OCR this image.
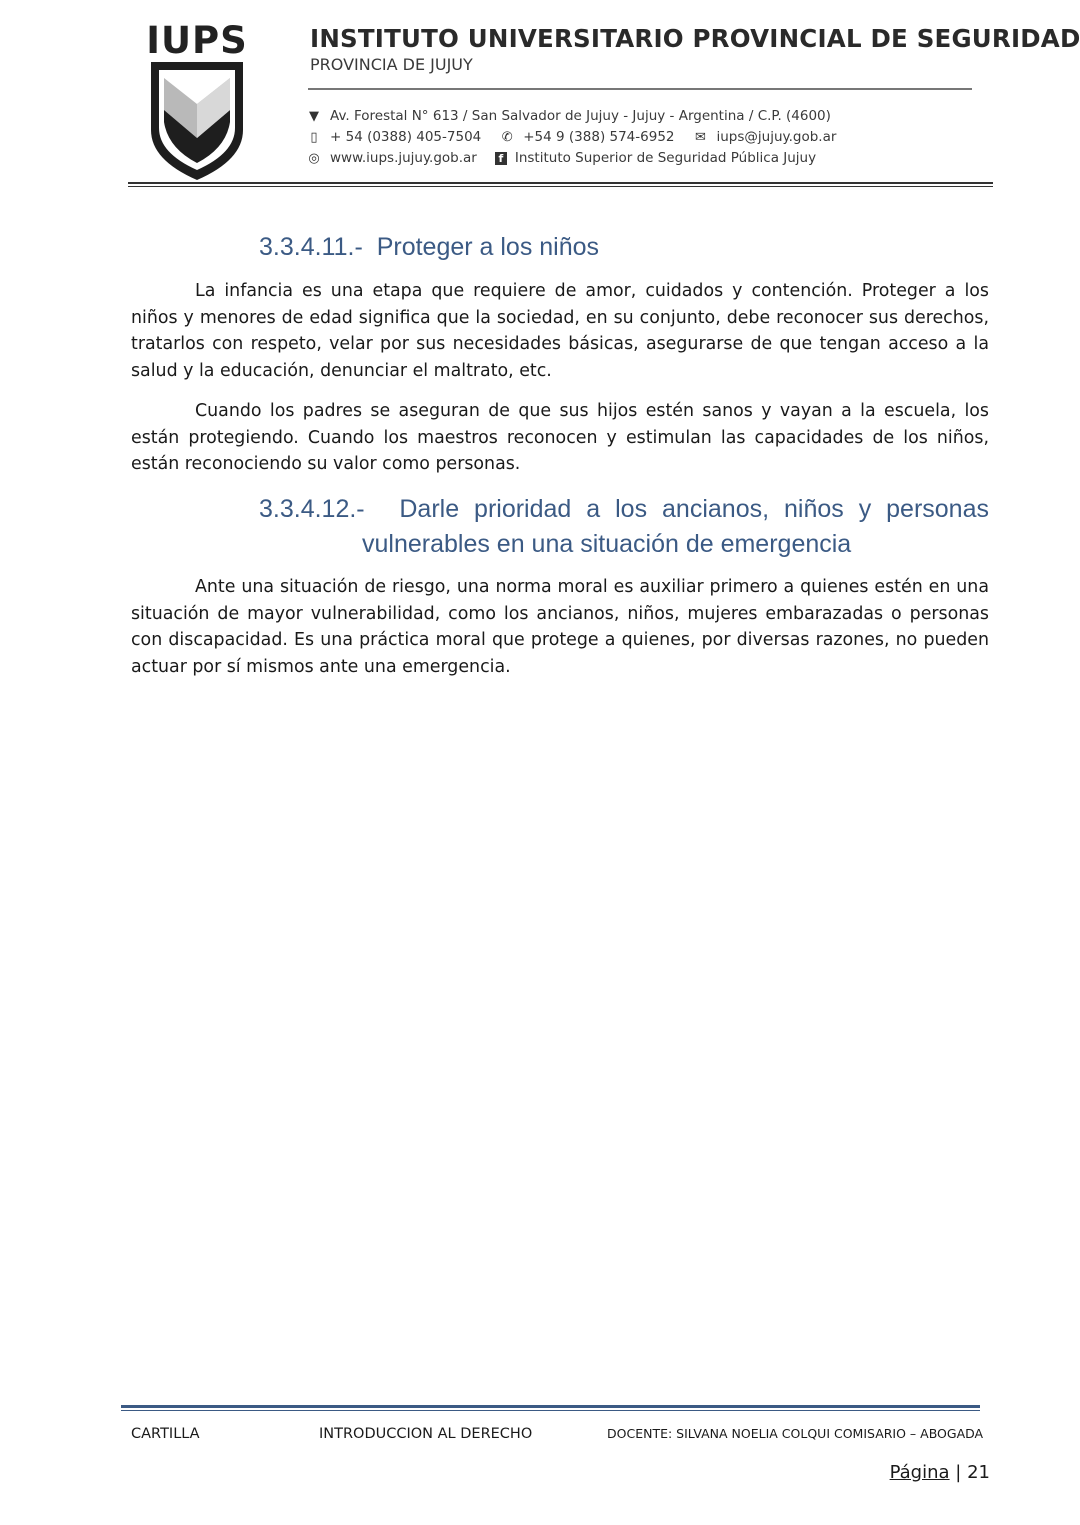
IUPS	INSTITUTO UNIVERSITARIO PROVINCIAL DE SEGURIDAD
PROVINCIA DE JUJUY
▼ Av. Forestal N° 613 / San Salvador de Jujuy - Jujuy - Argentina / C.P. (4600)
▯ + 54 (0388) 405-7504 ✆ +54 9 (388) 574-6952 ✉ iups@jujuy.gob.ar
◎ www.iups.jujuy.gob.ar	f Instituto Superior de Seguridad Pública Jujuy
3.3.4.11.- Proteger a los niños

La infancia es una etapa que requiere de amor, cuidados y contención. Proteger a los niños y menores de edad significa que la sociedad, en su conjunto, debe reconocer sus derechos, tratarlos con respeto, velar por sus necesidades básicas, asegurarse de que tengan acceso a la salud y la educación, denunciar el maltrato, etc.

Cuando los padres se aseguran de que sus hijos estén sanos y vayan a la escuela, los están protegiendo. Cuando los maestros reconocen y estimulan las capacidades de los niños, están reconociendo su valor como personas.

3.3.4.12.- Darle prioridad a los ancianos, niños y personas
vulnerables en una situación de emergencia

Ante una situación de riesgo, una norma moral es auxiliar primero a quienes estén en una situación de mayor vulnerabilidad, como los ancianos, niños, mujeres embarazadas o personas con discapacidad. Es una práctica moral que protege a quienes, por diversas razones, no pueden actuar por sí mismos ante una emergencia.

CARTILLA	INTRODUCCION AL DERECHO	DOCENTE: SILVANA NOELIA COLQUI COMISARIO – ABOGADA
Página | 21
